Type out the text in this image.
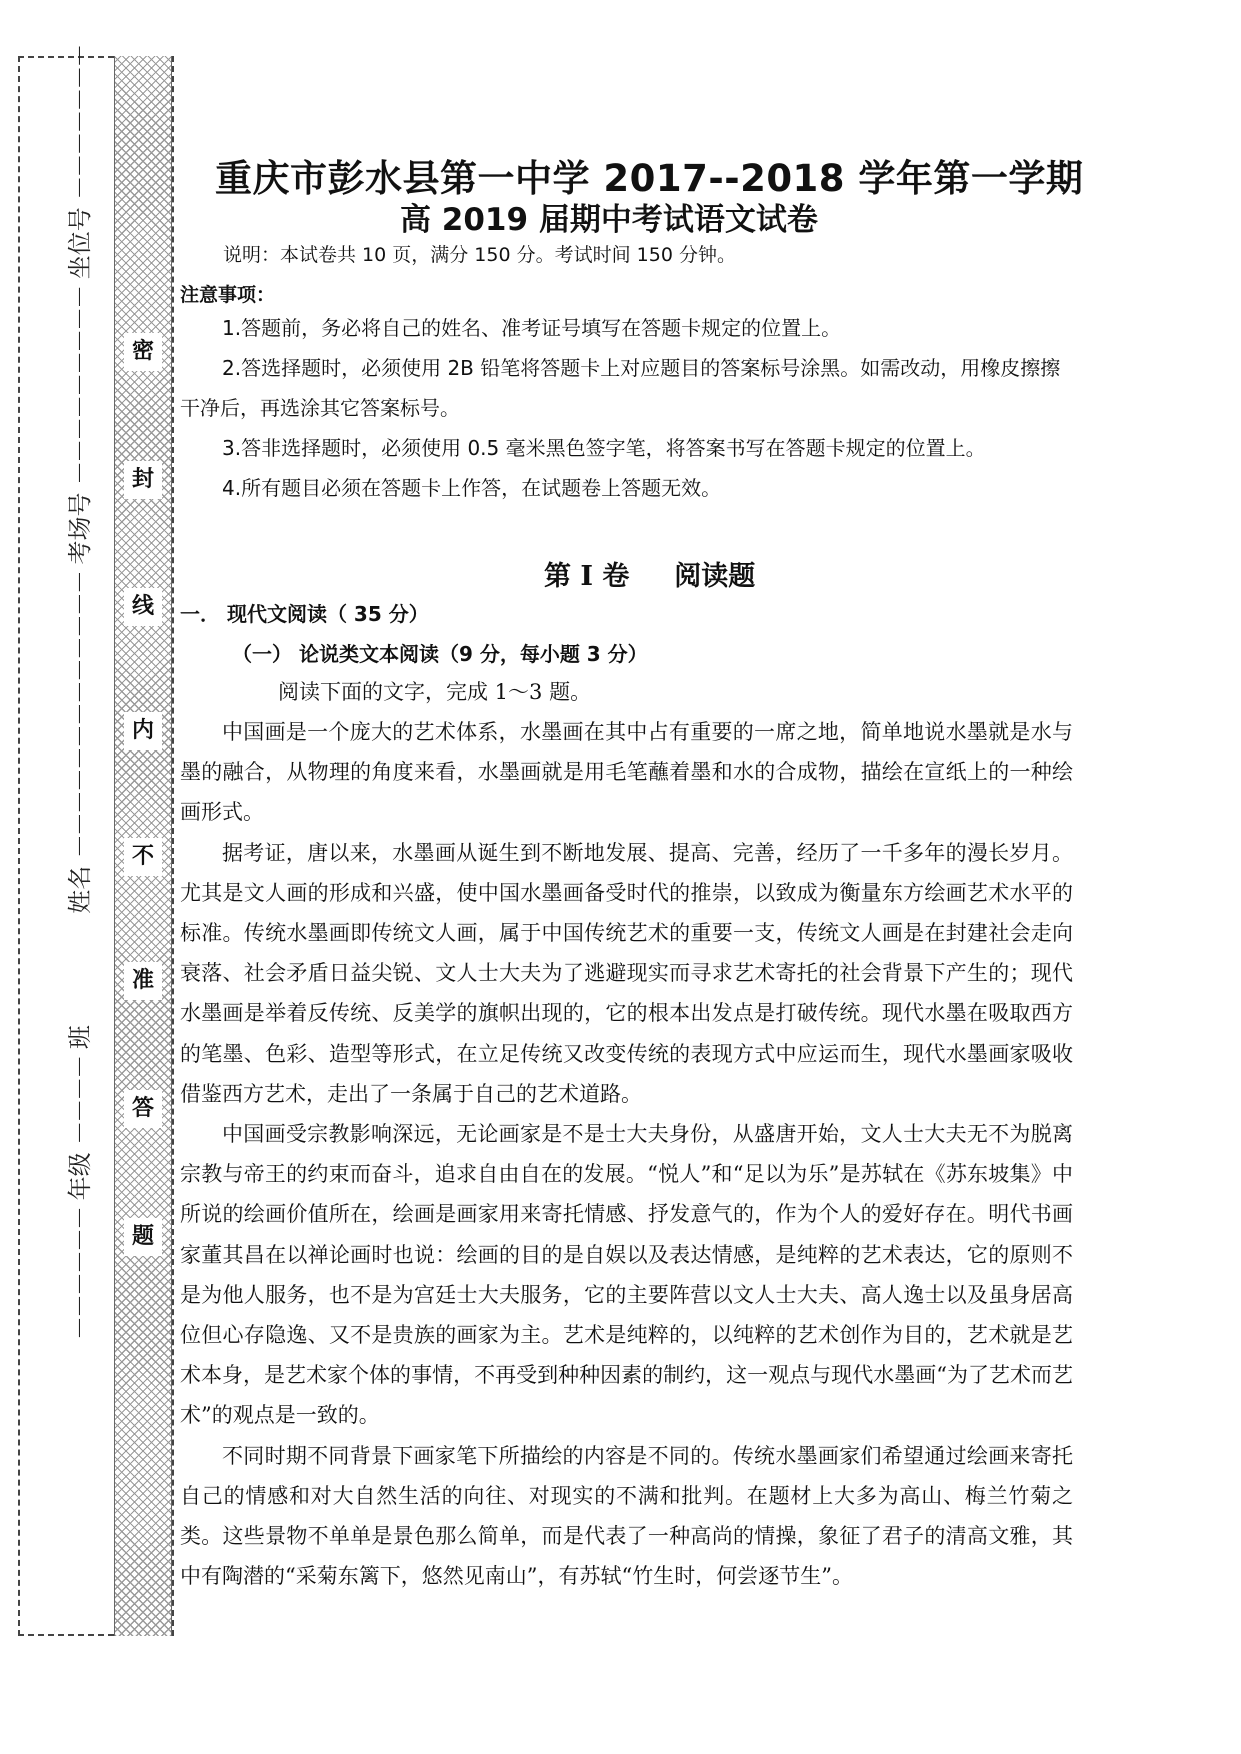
密
封
线
内
不
准
答
题
－－－－－－ 年级 －－－－ 班 　　　 姓名 －－－－－－－－－－－－－ 考场号 －－－－－－－－－ 坐位号 －－－－－－－	重庆市彭水县第一中学 2017--2018 学年第一学期
高 2019 届期中考试语文试卷
说明：本试卷共 10 页，满分 150 分。考试时间 150 分钟。
注意事项：

1.答题前，务必将自己的姓名、准考证号填写在答题卡规定的位置上。

2.答选择题时，必须使用 2B 铅笔将答题卡上对应题目的答案标号涂黑。如需改动，用橡皮擦擦干净后，再选涂其它答案标号。

3.答非选择题时，必须使用 0.5 毫米黑色签字笔，将答案书写在答题卡规定的位置上。

4.所有题目必须在答题卡上作答，在试题卷上答题无效。

第 I 卷 阅读题
一． 现代文阅读（ 35 分）
（一） 论说类文本阅读（9 分，每小题 3 分）
阅读下面的文字，完成 1～3 题。

中国画是一个庞大的艺术体系，水墨画在其中占有重要的一席之地，简单地说水墨就是水与墨的融合，从物理的角度来看，水墨画就是用毛笔蘸着墨和水的合成物，描绘在宣纸上的一种绘画形式。

据考证，唐以来，水墨画从诞生到不断地发展、提高、完善，经历了一千多年的漫长岁月。尤其是文人画的形成和兴盛，使中国水墨画备受时代的推崇，以致成为衡量东方绘画艺术水平的标准。传统水墨画即传统文人画，属于中国传统艺术的重要一支，传统文人画是在封建社会走向衰落、社会矛盾日益尖锐、文人士大夫为了逃避现实而寻求艺术寄托的社会背景下产生的；现代水墨画是举着反传统、反美学的旗帜出现的，它的根本出发点是打破传统。现代水墨在吸取西方的笔墨、色彩、造型等形式，在立足传统又改变传统的表现方式中应运而生，现代水墨画家吸收借鉴西方艺术，走出了一条属于自己的艺术道路。

中国画受宗教影响深远，无论画家是不是士大夫身份，从盛唐开始，文人士大夫无不为脱离宗教与帝王的约束而奋斗，追求自由自在的发展。“悦人”和“足以为乐”是苏轼在《苏东坡集》中所说的绘画价值所在，绘画是画家用来寄托情感、抒发意气的，作为个人的爱好存在。明代书画家董其昌在以禅论画时也说：绘画的目的是自娱以及表达情感，是纯粹的艺术表达，它的原则不是为他人服务，也不是为宫廷士大夫服务，它的主要阵营以文人士大夫、高人逸士以及虽身居高位但心存隐逸、又不是贵族的画家为主。艺术是纯粹的，以纯粹的艺术创作为目的，艺术就是艺术本身，是艺术家个体的事情，不再受到种种因素的制约，这一观点与现代水墨画“为了艺术而艺术”的观点是一致的。

不同时期不同背景下画家笔下所描绘的内容是不同的。传统水墨画家们希望通过绘画来寄托自己的情感和对大自然生活的向往、对现实的不满和批判。在题材上大多为高山、梅兰竹菊之类。这些景物不单单是景色那么简单，而是代表了一种高尚的情操，象征了君子的清高文雅，其中有陶潜的“采菊东篱下，悠然见南山”，有苏轼“竹生时，何尝逐节生”。
